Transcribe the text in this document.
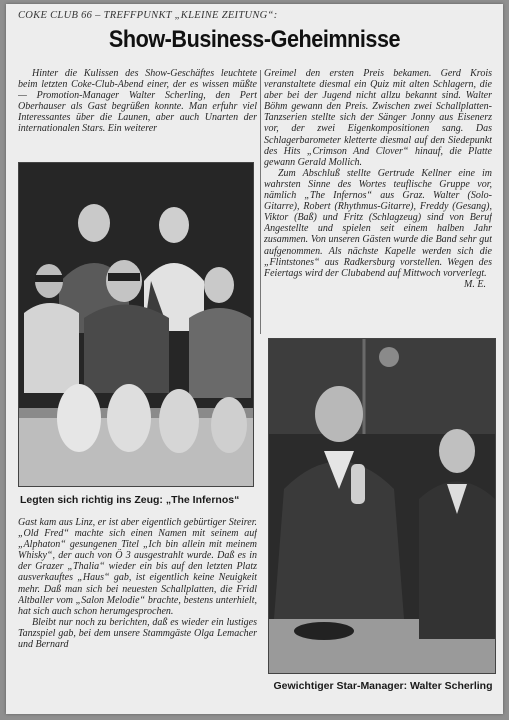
COKE CLUB 66 – TREFFPUNKT „KLEINE ZEITUNG“:
Show-Business-Geheimnisse

Hinter die Kulissen des Show-Geschäftes leuchtete beim letzten Coke-Club-Abend einer, der es wissen müßte — Promotion-Manager Walter Scherling, den Pert Oberhauser als Gast begrüßen konnte. Man erfuhr viel Interessantes über die Launen, aber auch Unarten der internationalen Stars. Ein weiterer

Greimel den ersten Preis bekamen. Gerd Krois veranstaltete diesmal ein Quiz mit alten Schlagern, die aber bei der Jugend nicht allzu bekannt sind. Walter Böhm gewann den Preis. Zwischen zwei Schallplatten-Tanzserien stellte sich der Sänger Jonny aus Eisenerz vor, der zwei Eigenkompositionen sang. Das Schlagerbarometer kletterte diesmal auf den Siedepunkt des Hits „Crimson And Clover“ hinauf, die Platte gewann Gerald Mollich.

Zum Abschluß stellte Gertrude Kellner eine im wahrsten Sinne des Wortes teuflische Gruppe vor, nämlich „The Infernos“ aus Graz. Walter (Solo-Gitarre), Robert (Rhythmus-Gitarre), Freddy (Gesang), Viktor (Baß) und Fritz (Schlagzeug) sind von Beruf Angestellte und spielen seit einem halben Jahr zusammen. Von unseren Gästen wurde die Band sehr gut aufgenommen. Als nächste Kapelle werden sich die „Flintstones“ aus Radkersburg vorstellen. Wegen des Feiertags wird der Clubabend auf Mittwoch vorverlegt.

M. E.
Legten sich richtig ins Zeug: „The Infernos“

Gast kam aus Linz, er ist aber eigentlich gebürtiger Steirer. „Old Fred“ machte sich einen Namen mit seinem auf „Alphaton“ gesungenen Titel „Ich bin allein mit meinem Whisky“, der auch von Ö 3 ausgestrahlt wurde. Daß es in der Grazer „Thalia“ wieder ein bis auf den letzten Platz ausverkauftes „Haus“ gab, ist eigentlich keine Neuigkeit mehr. Daß man sich bei neuesten Schallplatten, die Fridl Altballer vom „Salon Melodie“ brachte, bestens unterhielt, hat sich auch schon herumgesprochen.

Bleibt nur noch zu berichten, daß es wieder ein lustiges Tanzspiel gab, bei dem unsere Stammgäste Olga Lemacher und Bernard

Gewichtiger Star-Manager: Walter Scherling
